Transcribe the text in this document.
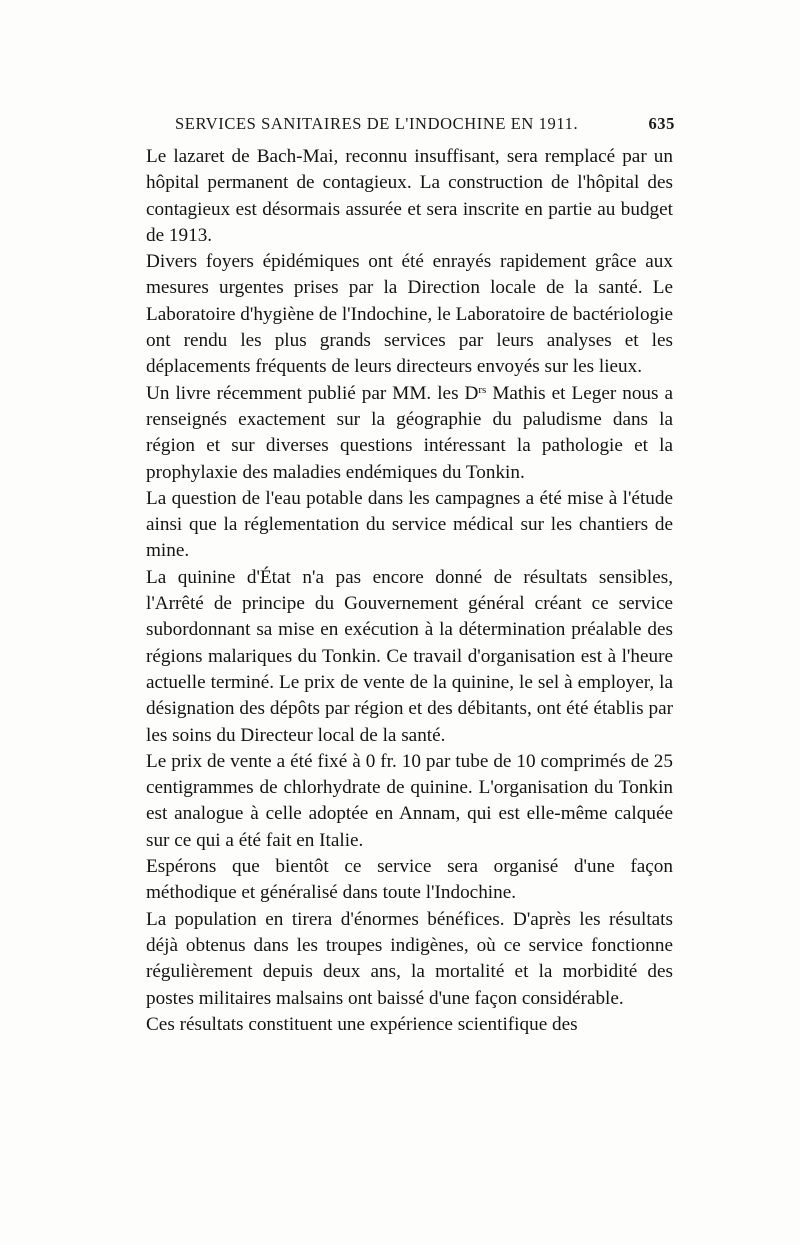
SERVICES SANITAIRES DE L'INDOCHINE EN 1911.	635

Le lazaret de Bach-Mai, reconnu insuffisant, sera remplacé par un hôpital permanent de contagieux. La construction de l'hôpital des contagieux est désormais assurée et sera inscrite en partie au budget de 1913.

Divers foyers épidémiques ont été enrayés rapidement grâce aux mesures urgentes prises par la Direction locale de la santé. Le Laboratoire d'hygiène de l'Indochine, le Laboratoire de bactériologie ont rendu les plus grands services par leurs analyses et les déplacements fréquents de leurs directeurs envoyés sur les lieux.

Un livre récemment publié par MM. les $D^{rs}$ Mathis et Leger nous a renseignés exactement sur la géographie du paludisme dans la région et sur diverses questions intéressant la pathologie et la prophylaxie des maladies endémiques du Tonkin.

La question de l'eau potable dans les campagnes a été mise à l'étude ainsi que la réglementation du service médical sur les chantiers de mine.

La quinine d'État n'a pas encore donné de résultats sensibles, l'Arrêté de principe du Gouvernement général créant ce service subordonnant sa mise en exécution à la détermination préalable des régions malariques du Tonkin. Ce travail d'organisation est à l'heure actuelle terminé. Le prix de vente de la quinine, le sel à employer, la désignation des dépôts par région et des débitants, ont été établis par les soins du Directeur local de la santé.

Le prix de vente a été fixé à 0 fr. 10 par tube de 10 comprimés de 25 centigrammes de chlorhydrate de quinine. L'organisation du Tonkin est analogue à celle adoptée en Annam, qui est elle-même calquée sur ce qui a été fait en Italie.

Espérons que bientôt ce service sera organisé d'une façon méthodique et généralisé dans toute l'Indochine.

La population en tirera d'énormes bénéfices. D'après les résultats déjà obtenus dans les troupes indigènes, où ce service fonctionne régulièrement depuis deux ans, la mortalité et la morbidité des postes militaires malsains ont baissé d'une façon considérable.

Ces résultats constituent une expérience scientifique des
